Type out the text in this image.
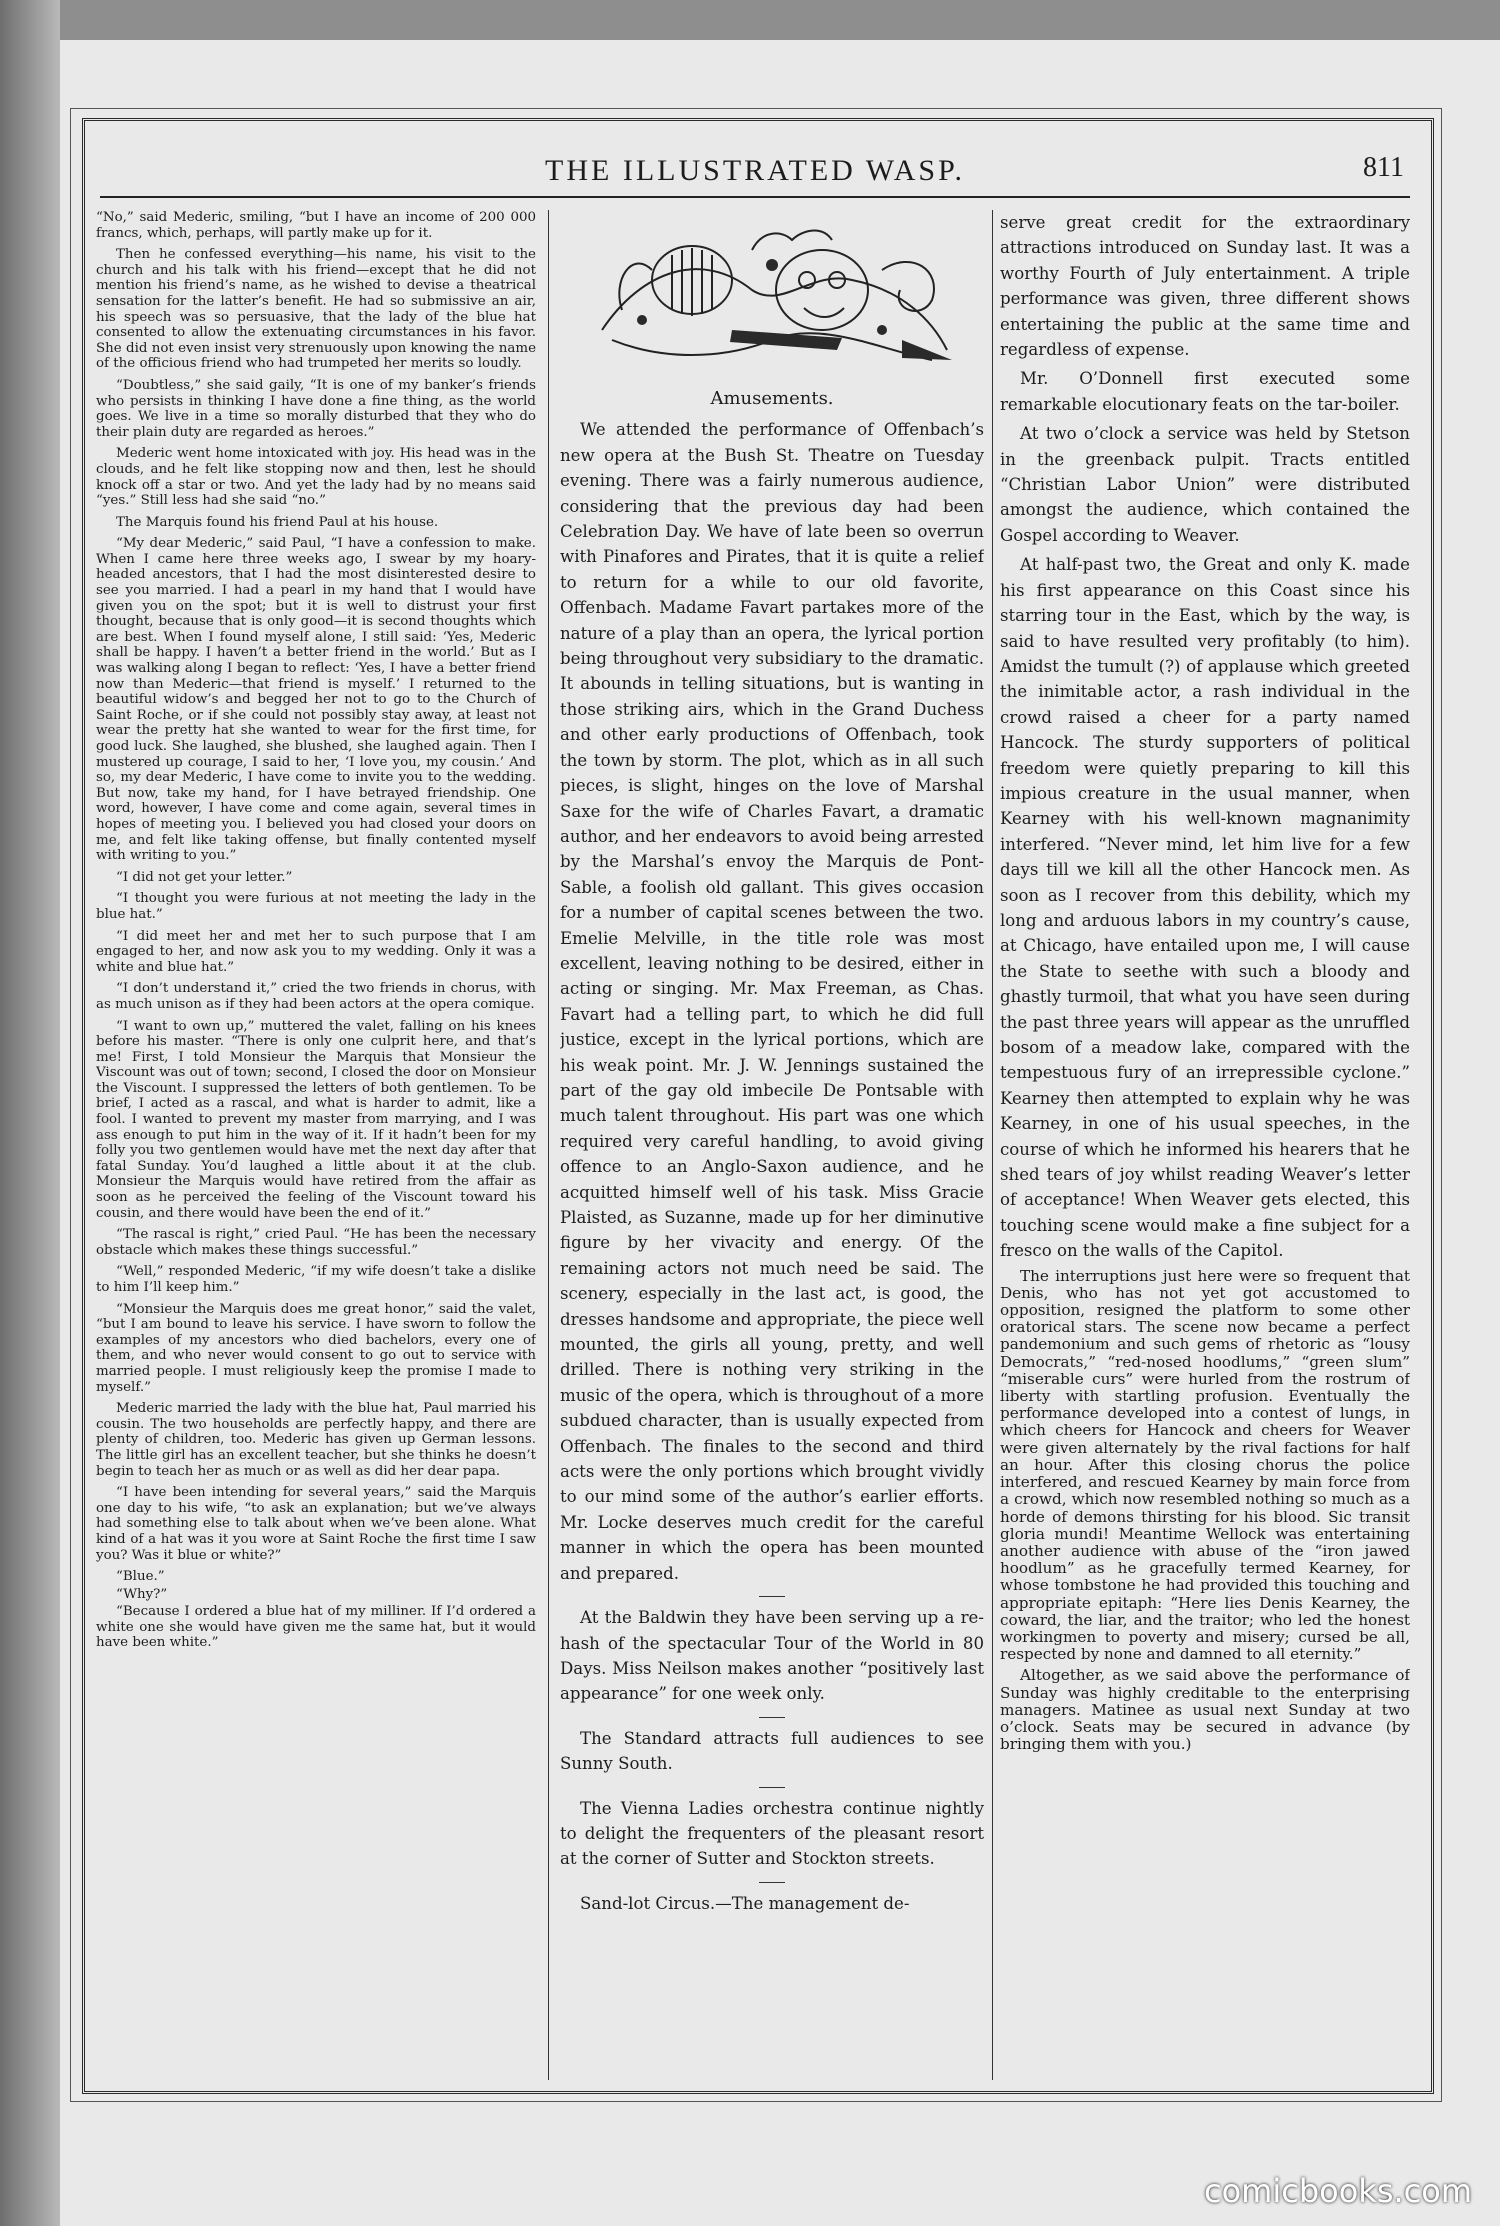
THE ILLUSTRATED WASP.	811

“No,” said Mederic, smiling, “but I have an income of 200 000 francs, which, perhaps, will partly make up for it.

Then he confessed everything—his name, his visit to the church and his talk with his friend—except that he did not mention his friend’s name, as he wished to devise a theatrical sensation for the latter’s benefit. He had so submissive an air, his speech was so persuasive, that the lady of the blue hat consented to allow the extenuating circumstances in his favor. She did not even insist very strenuously upon knowing the name of the officious friend who had trumpeted her merits so loudly.

“Doubtless,” she said gaily, “It is one of my banker’s friends who persists in thinking I have done a fine thing, as the world goes. We live in a time so morally disturbed that they who do their plain duty are regarded as heroes.”

Mederic went home intoxicated with joy. His head was in the clouds, and he felt like stopping now and then, lest he should knock off a star or two. And yet the lady had by no means said “yes.” Still less had she said “no.”

The Marquis found his friend Paul at his house.

“My dear Mederic,” said Paul, “I have a confession to make. When I came here three weeks ago, I swear by my hoary-headed ancestors, that I had the most disinterested desire to see you married. I had a pearl in my hand that I would have given you on the spot; but it is well to distrust your first thought, because that is only good—it is second thoughts which are best. When I found myself alone, I still said: ‘Yes, Mederic shall be happy. I haven’t a better friend in the world.’ But as I was walking along I began to reflect: ‘Yes, I have a better friend now than Mederic—that friend is myself.’ I returned to the beautiful widow’s and begged her not to go to the Church of Saint Roche, or if she could not possibly stay away, at least not wear the pretty hat she wanted to wear for the first time, for good luck. She laughed, she blushed, she laughed again. Then I mustered up courage, I said to her, ‘I love you, my cousin.’ And so, my dear Mederic, I have come to invite you to the wedding. But now, take my hand, for I have betrayed friendship. One word, however, I have come and come again, several times in hopes of meeting you. I believed you had closed your doors on me, and felt like taking offense, but finally contented myself with writing to you.”

“I did not get your letter.”

“I thought you were furious at not meeting the lady in the blue hat.”

“I did meet her and met her to such purpose that I am engaged to her, and now ask you to my wedding. Only it was a white and blue hat.”

“I don’t understand it,” cried the two friends in chorus, with as much unison as if they had been actors at the opera comique.

“I want to own up,” muttered the valet, falling on his knees before his master. “There is only one culprit here, and that’s me! First, I told Monsieur the Marquis that Monsieur the Viscount was out of town; second, I closed the door on Monsieur the Viscount. I suppressed the letters of both gentlemen. To be brief, I acted as a rascal, and what is harder to admit, like a fool. I wanted to prevent my master from marrying, and I was ass enough to put him in the way of it. If it hadn’t been for my folly you two gentlemen would have met the next day after that fatal Sunday. You’d laughed a little about it at the club. Monsieur the Marquis would have retired from the affair as soon as he perceived the feeling of the Viscount toward his cousin, and there would have been the end of it.”

“The rascal is right,” cried Paul. “He has been the necessary obstacle which makes these things successful.”

“Well,” responded Mederic, “if my wife doesn’t take a dislike to him I’ll keep him.”

“Monsieur the Marquis does me great honor,” said the valet, “but I am bound to leave his service. I have sworn to follow the examples of my ancestors who died bachelors, every one of them, and who never would consent to go out to service with married people. I must religiously keep the promise I made to myself.”

Mederic married the lady with the blue hat, Paul married his cousin. The two households are perfectly happy, and there are plenty of children, too. Mederic has given up German lessons. The little girl has an excellent teacher, but she thinks he doesn’t begin to teach her as much or as well as did her dear papa.

“I have been intending for several years,” said the Marquis one day to his wife, “to ask an explanation; but we’ve always had something else to talk about when we’ve been alone. What kind of a hat was it you wore at Saint Roche the first time I saw you? Was it blue or white?”

“Blue.”

“Why?”

“Because I ordered a blue hat of my milliner. If I’d ordered a white one she would have given me the same hat, but it would have been white.”

Amusements.

We attended the performance of Offenbach’s new opera at the Bush St. Theatre on Tuesday evening. There was a fairly numerous audience, considering that the previous day had been Celebration Day. We have of late been so overrun with Pinafores and Pirates, that it is quite a relief to return for a while to our old favorite, Offenbach. Madame Favart partakes more of the nature of a play than an opera, the lyrical portion being throughout very subsidiary to the dramatic. It abounds in telling situations, but is wanting in those striking airs, which in the Grand Duchess and other early productions of Offenbach, took the town by storm. The plot, which as in all such pieces, is slight, hinges on the love of Marshal Saxe for the wife of Charles Favart, a dramatic author, and her endeavors to avoid being arrested by the Marshal’s envoy the Marquis de Pont-Sable, a foolish old gallant. This gives occasion for a number of capital scenes between the two. Emelie Melville, in the title role was most excellent, leaving nothing to be desired, either in acting or singing. Mr. Max Freeman, as Chas. Favart had a telling part, to which he did full justice, except in the lyrical portions, which are his weak point. Mr. J. W. Jennings sustained the part of the gay old imbecile De Pontsable with much talent throughout. His part was one which required very careful handling, to avoid giving offence to an Anglo-Saxon audience, and he acquitted himself well of his task. Miss Gracie Plaisted, as Suzanne, made up for her diminutive figure by her vivacity and energy. Of the remaining actors not much need be said. The scenery, especially in the last act, is good, the dresses handsome and appropriate, the piece well mounted, the girls all young, pretty, and well drilled. There is nothing very striking in the music of the opera, which is throughout of a more subdued character, than is usually expected from Offenbach. The finales to the second and third acts were the only portions which brought vividly to our mind some of the author’s earlier efforts. Mr. Locke deserves much credit for the careful manner in which the opera has been mounted and prepared.

At the Baldwin they have been serving up a re-hash of the spectacular Tour of the World in 80 Days. Miss Neilson makes another “positively last appearance” for one week only.

The Standard attracts full audiences to see Sunny South.

The Vienna Ladies orchestra continue nightly to delight the frequenters of the pleasant resort at the corner of Sutter and Stockton streets.

Sand-lot Circus.—The management de-

serve great credit for the extraordinary attractions introduced on Sunday last. It was a worthy Fourth of July entertainment. A triple performance was given, three different shows entertaining the public at the same time and regardless of expense.

Mr. O’Donnell first executed some remarkable elocutionary feats on the tar-boiler.

At two o’clock a service was held by Stetson in the greenback pulpit. Tracts entitled “Christian Labor Union” were distributed amongst the audience, which contained the Gospel according to Weaver.

At half-past two, the Great and only K. made his first appearance on this Coast since his starring tour in the East, which by the way, is said to have resulted very profitably (to him). Amidst the tumult (?) of applause which greeted the inimitable actor, a rash individual in the crowd raised a cheer for a party named Hancock. The sturdy supporters of political freedom were quietly preparing to kill this impious creature in the usual manner, when Kearney with his well-known magnanimity interfered. “Never mind, let him live for a few days till we kill all the other Hancock men. As soon as I recover from this debility, which my long and arduous labors in my country’s cause, at Chicago, have entailed upon me, I will cause the State to seethe with such a bloody and ghastly turmoil, that what you have seen during the past three years will appear as the unruffled bosom of a meadow lake, compared with the tempestuous fury of an irrepressible cyclone.” Kearney then attempted to explain why he was Kearney, in one of his usual speeches, in the course of which he informed his hearers that he shed tears of joy whilst reading Weaver’s letter of acceptance! When Weaver gets elected, this touching scene would make a fine subject for a fresco on the walls of the Capitol.

The interruptions just here were so frequent that Denis, who has not yet got accustomed to opposition, resigned the platform to some other oratorical stars. The scene now became a perfect pandemonium and such gems of rhetoric as “lousy Democrats,” “red-nosed hoodlums,” “green slum” “miserable curs” were hurled from the rostrum of liberty with startling profusion. Eventually the performance developed into a contest of lungs, in which cheers for Hancock and cheers for Weaver were given alternately by the rival factions for half an hour. After this closing chorus the police interfered, and rescued Kearney by main force from a crowd, which now resembled nothing so much as a horde of demons thirsting for his blood. Sic transit gloria mundi! Meantime Wellock was entertaining another audience with abuse of the “iron jawed hoodlum” as he gracefully termed Kearney, for whose tombstone he had provided this touching and appropriate epitaph: “Here lies Denis Kearney, the coward, the liar, and the traitor; who led the honest workingmen to poverty and misery; cursed be all, respected by none and damned to all eternity.”

Altogether, as we said above the performance of Sunday was highly creditable to the enterprising managers. Matinee as usual next Sunday at two o’clock. Seats may be secured in advance (by bringing them with you.)

comicbooks.com
